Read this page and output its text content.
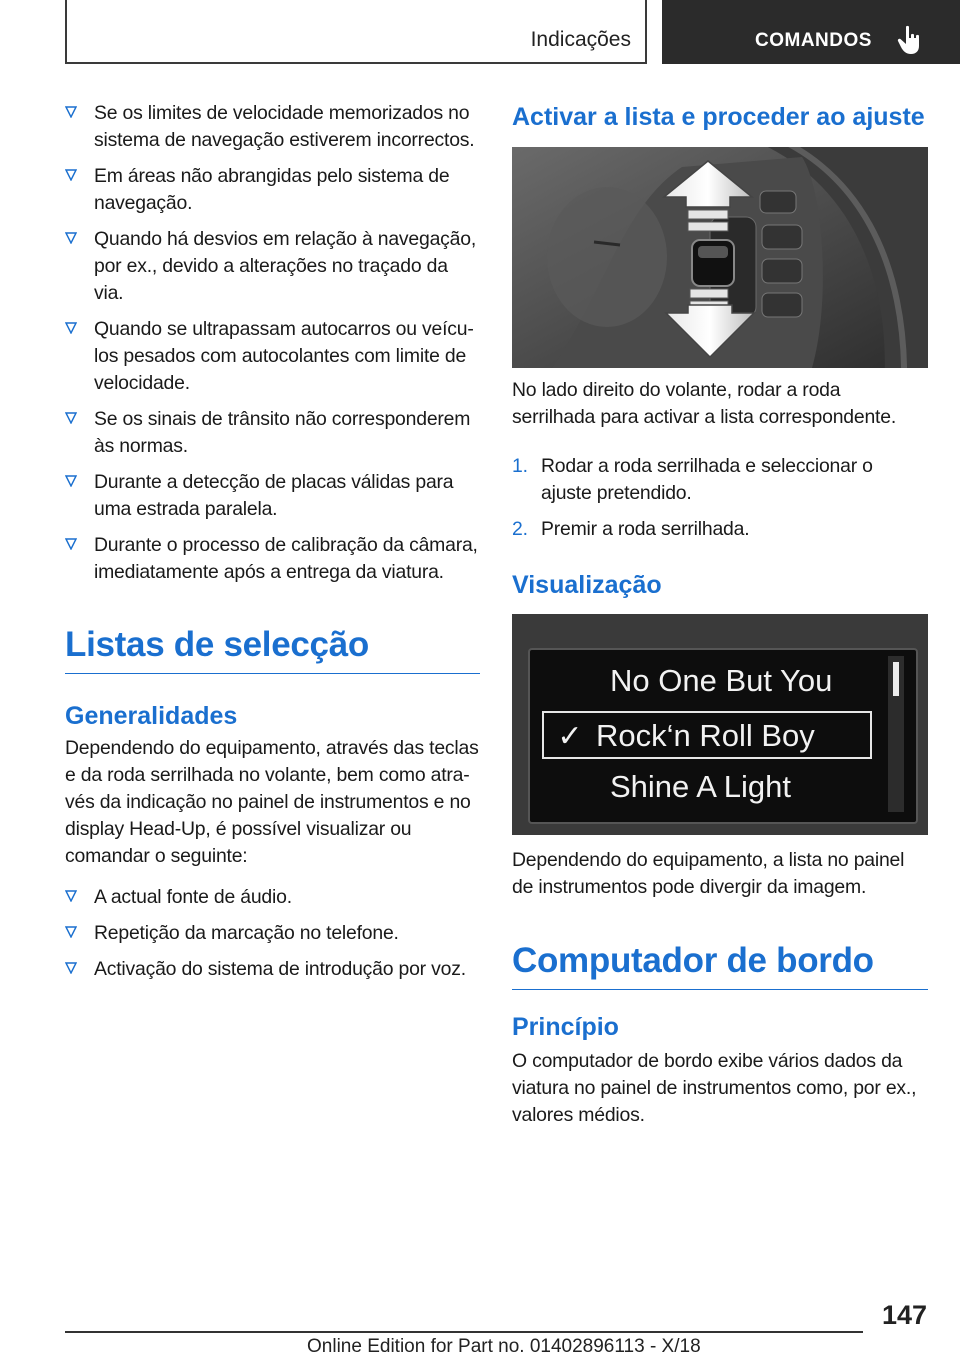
Indicações	COMANDOS
Se os limites de velocidade memorizados no sistema de navegação estiverem incorrectos.
Em áreas não abrangidas pelo sistema de navegação.
Quando há desvios em relação à navegação, por ex., devido a alterações no traçado da via.
Quando se ultrapassam autocarros ou veículos pesados com autocolantes com limite de velocidade.
Se os sinais de trânsito não corresponderem às normas.
Durante a detecção de placas válidas para uma estrada paralela.
Durante o processo de calibração da câmara, imediatamente após a entrega da viatura.
Listas de selecção
Generalidades

Dependendo do equipamento, através das teclas e da roda serrilhada no volante, bem como através da indicação no painel de instrumentos e no display Head-Up, é possível visualizar ou comandar o seguinte:

A actual fonte de áudio.
Repetição da marcação no telefone.
Activação do sistema de introdução por voz.
Activar a lista e proceder ao ajuste

No lado direito do volante, rodar a roda serrilhada para activar a lista correspondente.

1. Rodar a roda serrilhada e seleccionar o ajuste pretendido.
2. Premir a roda serrilhada.
Visualização
No One But You
✓ Rock‘n Roll Boy
Shine A Light

Dependendo do equipamento, a lista no painel de instrumentos pode divergir da imagem.

Computador de bordo
Princípio

O computador de bordo exibe vários dados da viatura no painel de instrumentos como, por ex., valores médios.

147
Online Edition for Part no. 01402896113 - X/18
